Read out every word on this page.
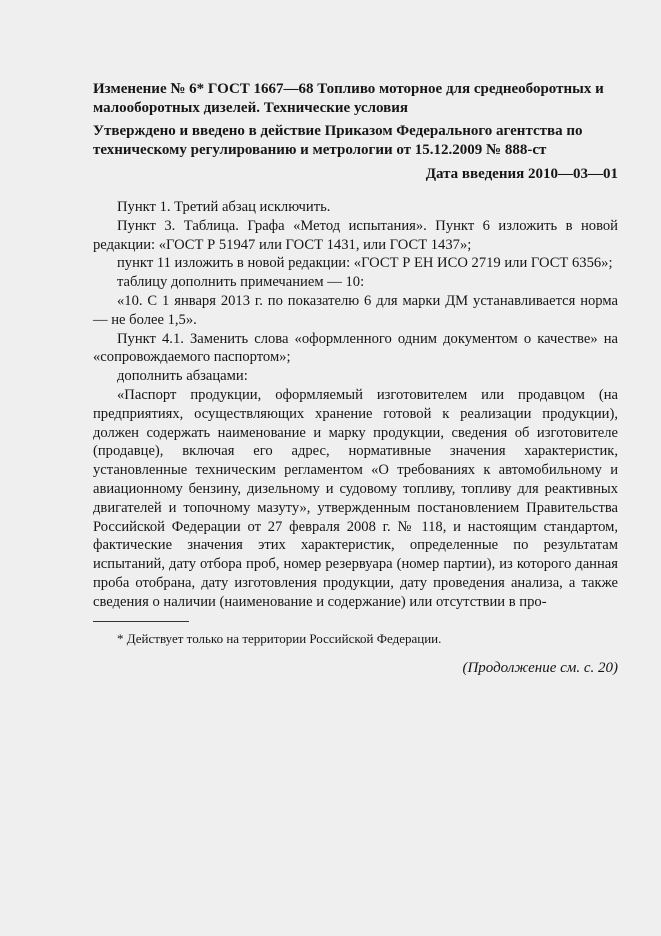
Изменение № 6* ГОСТ 1667—68 Топливо моторное для среднеоборотных и малооборотных дизелей. Технические условия

Утверждено и введено в действие Приказом Федерального агентства по техническому регулированию и метрологии от 15.12.2009 № 888-ст

Дата введения 2010—03—01

Пункт 1. Третий абзац исключить.

Пункт 3. Таблица. Графа «Метод испытания». Пункт 6 изложить в новой редакции: «ГОСТ Р 51947 или ГОСТ 1431, или ГОСТ 1437»;

пункт 11 изложить в новой редакции: «ГОСТ Р ЕН ИСО 2719 или ГОСТ 6356»;

таблицу дополнить примечанием — 10:

«10. С 1 января 2013 г. по показателю 6 для марки ДМ устанавливается норма — не более 1,5».

Пункт 4.1. Заменить слова «оформленного одним документом о качестве» на «сопровождаемого паспортом»;

дополнить абзацами:

«Паспорт продукции, оформляемый изготовителем или продавцом (на предприятиях, осуществляющих хранение готовой к реализации продукции), должен содержать наименование и марку продукции, сведения об изготовителе (продавце), включая его адрес, нормативные значения характеристик, установленные техническим регламентом «О требованиях к автомобильному и авиационному бензину, дизельному и судовому топливу, топливу для реактивных двигателей и топочному мазуту», утвержденным постановлением Правительства Российской Федерации от 27 февраля 2008 г. № 118, и настоящим стандартом, фактические значения этих характеристик, определенные по результатам испытаний, дату отбора проб, номер резервуара (номер партии), из которого данная проба отобрана, дату изготовления продукции, дату проведения анализа, а также сведения о наличии (наименование и содержание) или отсутствии в про-

* Действует только на территории Российской Федерации.

(Продолжение см. с. 20)
